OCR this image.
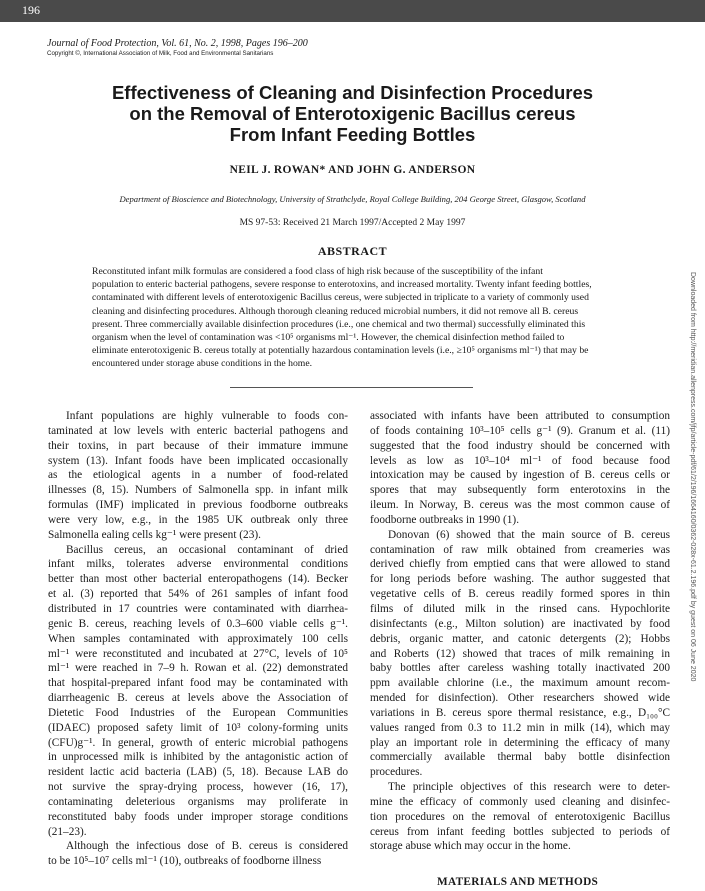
196
Journal of Food Protection, Vol. 61, No. 2, 1998, Pages 196–200
Copyright ©, International Association of Milk, Food and Environmental Sanitarians
Effectiveness of Cleaning and Disinfection Procedures
on the Removal of Enterotoxigenic Bacillus cereus
From Infant Feeding Bottles
NEIL J. ROWAN* AND JOHN G. ANDERSON
Department of Bioscience and Biotechnology, University of Strathclyde, Royal College Building, 204 George Street, Glasgow, Scotland
MS 97-53: Received 21 March 1997/Accepted 2 May 1997
ABSTRACT
Reconstituted infant milk formulas are considered a food class of high risk because of the susceptibility of the infant
population to enteric bacterial pathogens, severe response to enterotoxins, and increased mortality. Twenty infant feeding bottles,
contaminated with different levels of enterotoxigenic Bacillus cereus, were subjected in triplicate to a variety of commonly used
cleaning and disinfecting procedures. Although thorough cleaning reduced microbial numbers, it did not remove all B. cereus
present. Three commercially available disinfection procedures (i.e., one chemical and two thermal) successfully eliminated this
organism when the level of contamination was <10⁵ organisms ml⁻¹. However, the chemical disinfection method failed to
eliminate enterotoxigenic B. cereus totally at potentially hazardous contamination levels (i.e., ≥10⁵ organisms ml⁻¹) that may be
encountered under storage abuse conditions in the home.
Infant populations are highly vulnerable to foods con-
taminated at low levels with enteric bacterial pathogens and
their toxins, in part because of their immature immune
system (13). Infant foods have been implicated occasionally
as the etiological agents in a number of food-related
illnesses (8, 15). Numbers of Salmonella spp. in infant milk
formulas (IMF) implicated in previous foodborne outbreaks
were very low, e.g., in the 1985 UK outbreak only three
Salmonella ealing cells kg⁻¹ were present (23).
Bacillus cereus, an occasional contaminant of dried
infant milks, tolerates adverse environmental conditions
better than most other bacterial enteropathogens (14). Becker
et al. (3) reported that 54% of 261 samples of infant food
distributed in 17 countries were contaminated with diarrhea-
genic B. cereus, reaching levels of 0.3–600 viable cells g⁻¹.
When samples contaminated with approximately 100 cells
ml⁻¹ were reconstituted and incubated at 27°C, levels of 10⁵
ml⁻¹ were reached in 7–9 h. Rowan et al. (22) demonstrated
that hospital-prepared infant food may be contaminated with
diarrheagenic B. cereus at levels above the Association of
Dietetic Food Industries of the European Communities
(IDAEC) proposed safety limit of 10³ colony-forming units
(CFU)g⁻¹. In general, growth of enteric microbial pathogens
in unprocessed milk is inhibited by the antagonistic action of
resident lactic acid bacteria (LAB) (5, 18). Because LAB do
not survive the spray-drying process, however (16, 17),
contaminating deleterious organisms may proliferate in
reconstituted baby foods under improper storage conditions
(21–23).
Although the infectious dose of B. cereus is considered
to be 10⁵–10⁷ cells ml⁻¹ (10), outbreaks of foodborne illness
associated with infants have been attributed to consumption
of foods containing 10³–10⁵ cells g⁻¹ (9). Granum et al. (11)
suggested that the food industry should be concerned with
levels as low as 10³–10⁴ ml⁻¹ of food because food
intoxication may be caused by ingestion of B. cereus cells or
spores that may subsequently form enterotoxins in the
ileum. In Norway, B. cereus was the most common cause of
foodborne outbreaks in 1990 (1).
Donovan (6) showed that the main source of B. cereus
contamination of raw milk obtained from creameries was
derived chiefly from emptied cans that were allowed to stand
for long periods before washing. The author suggested that
vegetative cells of B. cereus readily formed spores in thin
films of diluted milk in the rinsed cans. Hypochlorite
disinfectants (e.g., Milton solution) are inactivated by food
debris, organic matter, and catonic detergents (2); Hobbs
and Roberts (12) showed that traces of milk remaining in
baby bottles after careless washing totally inactivated 200
ppm available chlorine (i.e., the maximum amount recom-
mended for disinfection). Other researchers showed wide
variations in B. cereus spore thermal resistance, e.g., D₁₀₀°C
values ranged from 0.3 to 11.2 min in milk (14), which may
play an important role in determining the efficacy of many
commercially available thermal baby bottle disinfection
procedures.
The principle objectives of this research were to deter-
mine the efficacy of commonly used cleaning and disinfec-
tion procedures on the removal of enterotoxigenic Bacillus
cereus from infant feeding bottles subjected to periods of
storage abuse which may occur in the home.
Downloaded from http://meridian.allenpress.com/jfp/article-pdf/61/2/196/1664160/0362-028x-61.2.196.pdf by guest on 06 June 2020
MATERIALS AND METHODS
